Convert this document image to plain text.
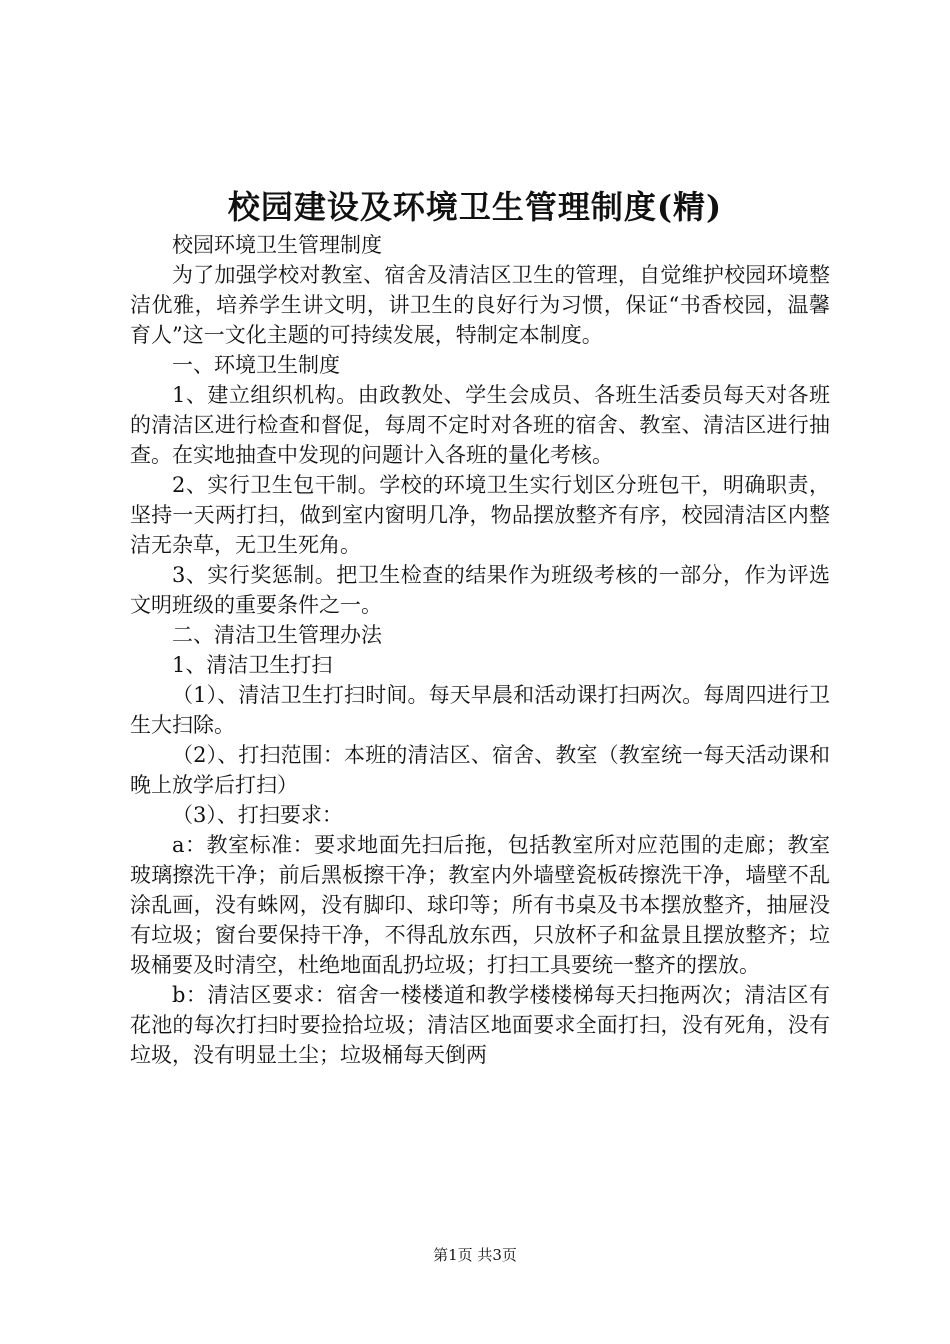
校园建设及环境卫生管理制度(精)

校园环境卫生管理制度

为了加强学校对教室、宿舍及清洁区卫生的管理，自觉维护校园环境整洁优雅，培养学生讲文明，讲卫生的良好行为习惯，保证“书香校园，温馨育人”这一文化主题的可持续发展，特制定本制度。

一、环境卫生制度

1、建立组织机构。由政教处、学生会成员、各班生活委员每天对各班的清洁区进行检查和督促，每周不定时对各班的宿舍、教室、清洁区进行抽查。在实地抽查中发现的问题计入各班的量化考核。

2、实行卫生包干制。学校的环境卫生实行划区分班包干，明确职责，坚持一天两打扫，做到室内窗明几净，物品摆放整齐有序，校园清洁区内整洁无杂草，无卫生死角。

3、实行奖惩制。把卫生检查的结果作为班级考核的一部分，作为评选文明班级的重要条件之一。

二、清洁卫生管理办法

1、清洁卫生打扫

（1）、清洁卫生打扫时间。每天早晨和活动课打扫两次。每周四进行卫生大扫除。

（2）、打扫范围：本班的清洁区、宿舍、教室（教室统一每天活动课和晚上放学后打扫）

（3）、打扫要求：

a：教室标准：要求地面先扫后拖，包括教室所对应范围的走廊；教室玻璃擦洗干净；前后黑板擦干净；教室内外墙壁瓷板砖擦洗干净，墙壁不乱涂乱画，没有蛛网，没有脚印、球印等；所有书桌及书本摆放整齐，抽屉没有垃圾；窗台要保持干净，不得乱放东西，只放杯子和盆景且摆放整齐；垃圾桶要及时清空，杜绝地面乱扔垃圾；打扫工具要统一整齐的摆放。

b：清洁区要求：宿舍一楼楼道和教学楼楼梯每天扫拖两次；清洁区有花池的每次打扫时要捡拾垃圾；清洁区地面要求全面打扫，没有死角，没有垃圾，没有明显土尘；垃圾桶每天倒两

第1页 共3页
